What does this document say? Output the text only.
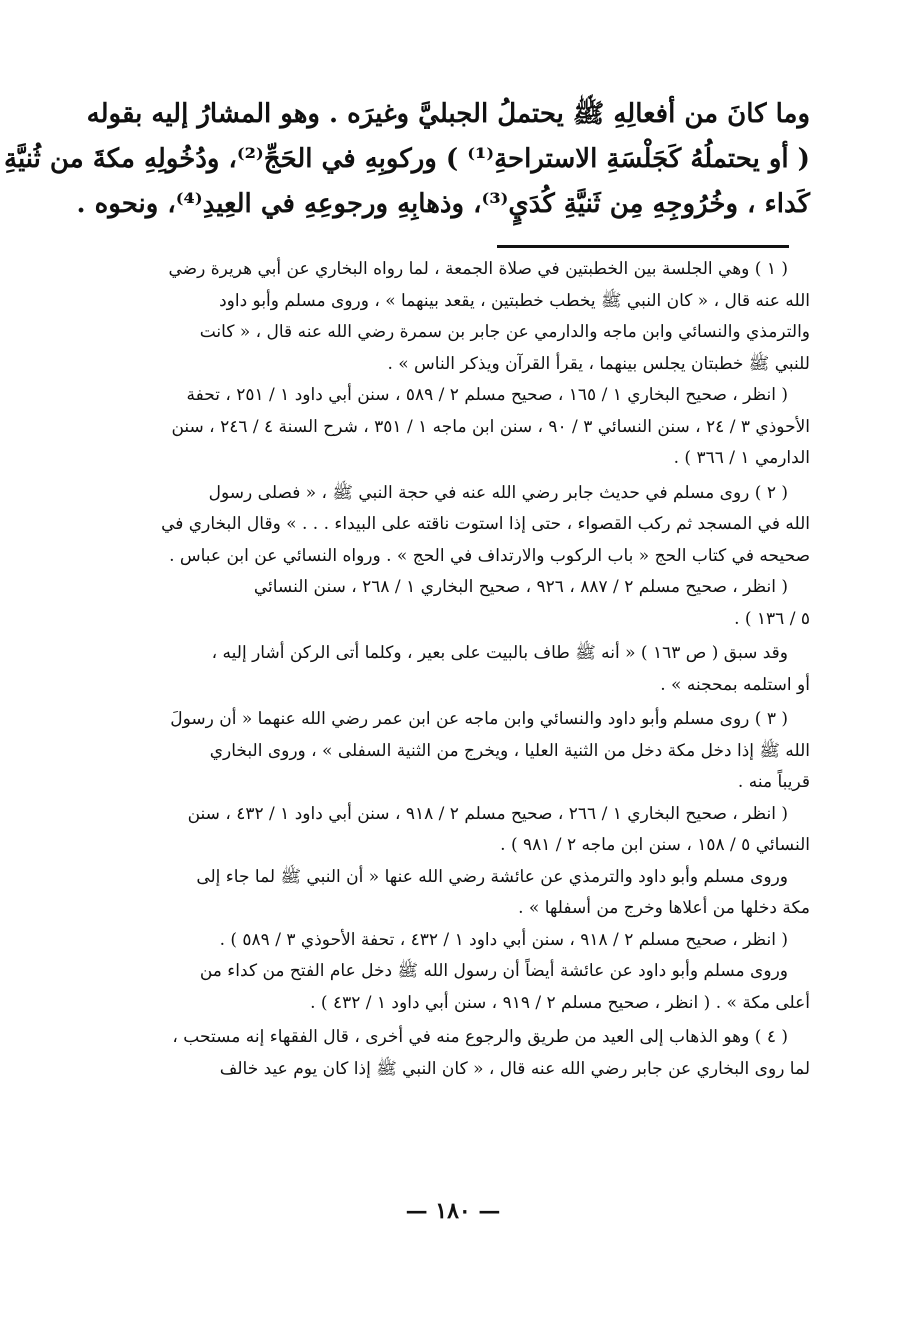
وما كانَ من أفعالِهِ ﷺ يحتملُ الجبليَّ وغيرَه . وهو المشارُ إليه بقوله
( أو يحتملُهُ كَجَلْسَةِ الاستراحةِ⁽¹⁾ ) وركوبِهِ في الحَجِّ⁽²⁾، ودُخُولِهِ مكةَ من ثُنيَّةِ
كَداء ، وخُرُوجِهِ مِن ثَنيَّةِ كُدَيٍ⁽³⁾، وذهابِهِ ورجوعِهِ في العِيدِ⁽⁴⁾، ونحوه .
( ١ ) وهي الجلسة بين الخطبتين في صلاة الجمعة ، لما رواه البخاري عن أبي هريرة رضي
الله عنه قال ، « كان النبي ﷺ يخطب خطبتين ، يقعد بينهما » ، وروى مسلم وأبو داود
والترمذي والنسائي وابن ماجه والدارمي عن جابر بن سمرة رضي الله عنه قال ، « كانت
للنبي ﷺ خطبتان يجلس بينهما ، يقرأ القرآن ويذكر الناس » .
( انظر ، صحيح البخاري ١ / ١٦٥ ، صحيح مسلم ٢ / ٥٨٩ ، سنن أبي داود ١ / ٢٥١ ، تحفة
الأحوذي ٣ / ٢٤ ، سنن النسائي ٣ / ٩٠ ، سنن ابن ماجه ١ / ٣٥١ ، شرح السنة ٤ / ٢٤٦ ، سنن
الدارمي ١ / ٣٦٦ ) .
( ٢ ) روى مسلم في حديث جابر رضي الله عنه في حجة النبي ﷺ ، « فصلى رسول
الله في المسجد ثم ركب القصواء ، حتى إذا استوت ناقته على البيداء . . . » وقال البخاري في
صحيحه في كتاب الحج « باب الركوب والارتداف في الحج » . ورواه النسائي عن ابن عباس .
( انظر ، صحيح مسلم ٢ / ٨٨٧ ، ٩٢٦ ، صحيح البخاري ١ / ٢٦٨ ، سنن النسائي
٥ / ١٣٦ ) .
وقد سبق ( ص ١٦٣ ) « أنه ﷺ طاف بالبيت على بعير ، وكلما أتى الركن أشار إليه ،
أو استلمه بمحجنه » .
( ٣ ) روى مسلم وأبو داود والنسائي وابن ماجه عن ابن عمر رضي الله عنهما « أن رسولَ
الله ﷺ إذا دخل مكة دخل من الثنية العليا ، ويخرج من الثنية السفلى » ، وروى البخاري
قريباً منه .
( انظر ، صحيح البخاري ١ / ٢٦٦ ، صحيح مسلم ٢ / ٩١٨ ، سنن أبي داود ١ / ٤٣٢ ، سنن
النسائي ٥ / ١٥٨ ، سنن ابن ماجه ٢ / ٩٨١ ) .
وروى مسلم وأبو داود والترمذي عن عائشة رضي الله عنها « أن النبي ﷺ لما جاء إلى
مكة دخلها من أعلاها وخرج من أسفلها » .
( انظر ، صحيح مسلم ٢ / ٩١٨ ، سنن أبي داود ١ / ٤٣٢ ، تحفة الأحوذي ٣ / ٥٨٩ ) .
وروى مسلم وأبو داود عن عائشة أيضاً أن رسول الله ﷺ دخل عام الفتح من كداء من
أعلى مكة » . ( انظر ، صحيح مسلم ٢ / ٩١٩ ، سنن أبي داود ١ / ٤٣٢ ) .
( ٤ ) وهو الذهاب إلى العيد من طريق والرجوع منه في أخرى ، قال الفقهاء إنه مستحب ،
لما روى البخاري عن جابر رضي الله عنه قال ، « كان النبي ﷺ إذا كان يوم عيد خالف
— ١٨٠ —
